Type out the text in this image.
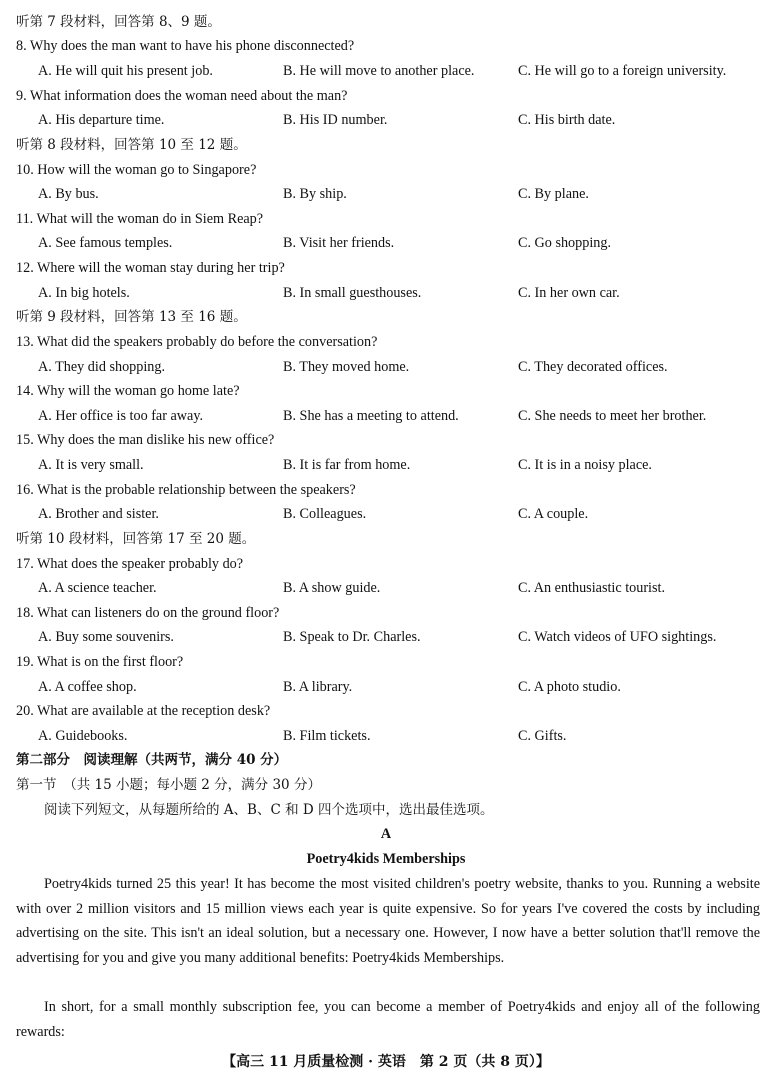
听第 7 段材料，回答第 8、9 题。
8. Why does the man want to have his phone disconnected?
A. He will quit his present job.	B. He will move to another place.	C. He will go to a foreign university.
9. What information does the woman need about the man?
A. His departure time.	B. His ID number.	C. His birth date.
听第 8 段材料，回答第 10 至 12 题。
10. How will the woman go to Singapore?
A. By bus.	B. By ship.	C. By plane.
11. What will the woman do in Siem Reap?
A. See famous temples.	B. Visit her friends.	C. Go shopping.
12. Where will the woman stay during her trip?
A. In big hotels.	B. In small guesthouses.	C. In her own car.
听第 9 段材料，回答第 13 至 16 题。
13. What did the speakers probably do before the conversation?
A. They did shopping.	B. They moved home.	C. They decorated offices.
14. Why will the woman go home late?
A. Her office is too far away.	B. She has a meeting to attend.	C. She needs to meet her brother.
15. Why does the man dislike his new office?
A. It is very small.	B. It is far from home.	C. It is in a noisy place.
16. What is the probable relationship between the speakers?
A. Brother and sister.	B. Colleagues.	C. A couple.
听第 10 段材料，回答第 17 至 20 题。
17. What does the speaker probably do?
A. A science teacher.	B. A show guide.	C. An enthusiastic tourist.
18. What can listeners do on the ground floor?
A. Buy some souvenirs.	B. Speak to Dr. Charles.	C. Watch videos of UFO sightings.
19. What is on the first floor?
A. A coffee shop.	B. A library.	C. A photo studio.
20. What are available at the reception desk?
A. Guidebooks.	B. Film tickets.	C. Gifts.
第二部分　阅读理解（共两节，满分 40 分）
第一节　（共 15 小题；每小题 2 分，满分 30 分）
阅读下列短文，从每题所给的 A、B、C 和 D 四个选项中，选出最佳选项。
A
Poetry4kids Memberships
Poetry4kids turned 25 this year! It has become the most visited children's poetry website, thanks to you. Running a website with over 2 million visitors and 15 million views each year is quite expensive. So for years I've covered the costs by including advertising on the site. This isn't an ideal solution, but a necessary one. However, I now have a better solution that'll remove the advertising for you and give you many additional benefits: Poetry4kids Memberships.
In short, for a small monthly subscription fee, you can become a member of Poetry4kids and enjoy all of the following rewards:
【高三 11 月质量检测 · 英语　第 2 页（共 8 页）】
